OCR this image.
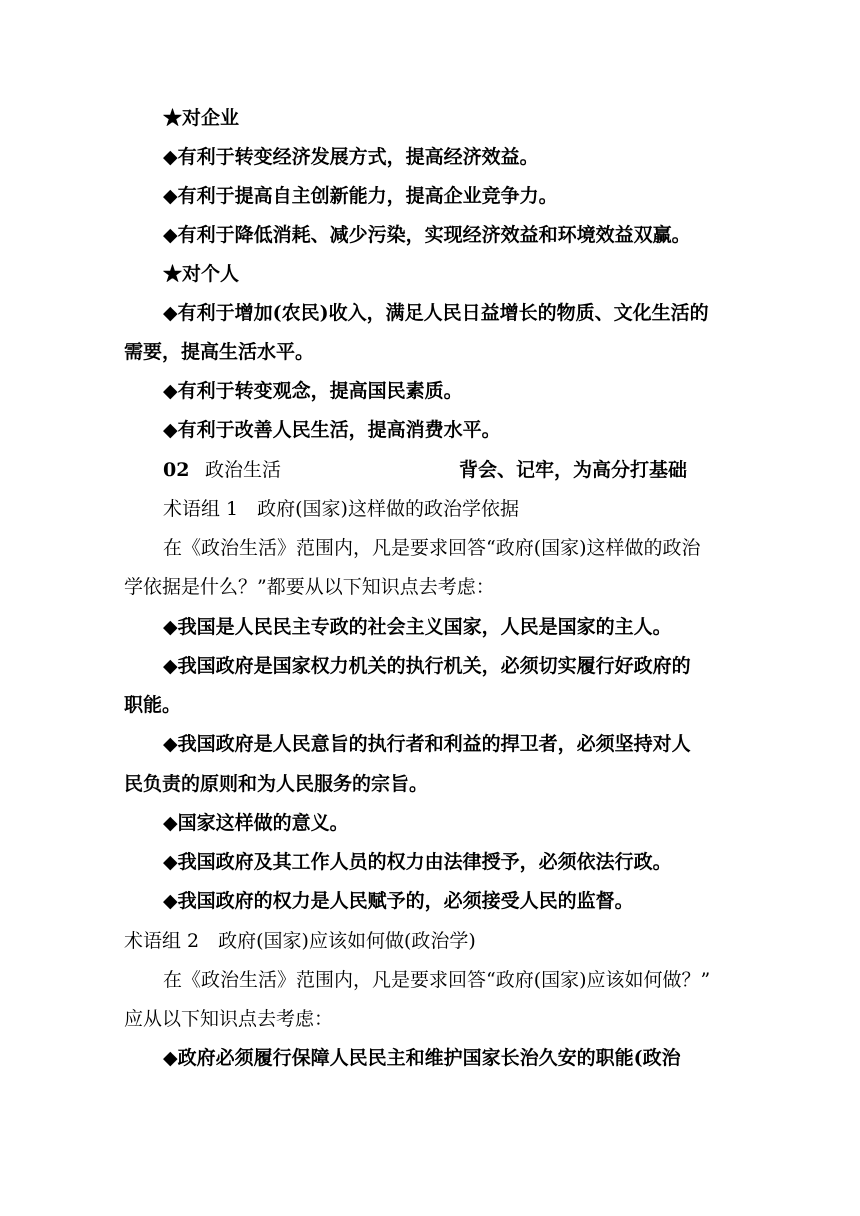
★对企业
◆有利于转变经济发展方式，提高经济效益。
◆有利于提高自主创新能力，提高企业竞争力。
◆有利于降低消耗、减少污染，实现经济效益和环境效益双赢。
★对个人
◆有利于增加(农民)收入，满足人民日益增长的物质、文化生活的
需要，提高生活水平。
◆有利于转变观念，提高国民素质。
◆有利于改善人民生活，提高消费水平。
02 政治生活	背会、记牢，为高分打基础
术语组 1　政府(国家)这样做的政治学依据
在《政治生活》范围内，凡是要求回答“政府(国家)这样做的政治
学依据是什么？”都要从以下知识点去考虑：
◆我国是人民民主专政的社会主义国家，人民是国家的主人。
◆我国政府是国家权力机关的执行机关，必须切实履行好政府的
职能。
◆我国政府是人民意旨的执行者和利益的捍卫者，必须坚持对人
民负责的原则和为人民服务的宗旨。
◆国家这样做的意义。
◆我国政府及其工作人员的权力由法律授予，必须依法行政。
◆我国政府的权力是人民赋予的，必须接受人民的监督。
术语组 2　政府(国家)应该如何做(政治学)
在《政治生活》范围内，凡是要求回答“政府(国家)应该如何做？”
应从以下知识点去考虑：
◆政府必须履行保障人民民主和维护国家长治久安的职能(政治
